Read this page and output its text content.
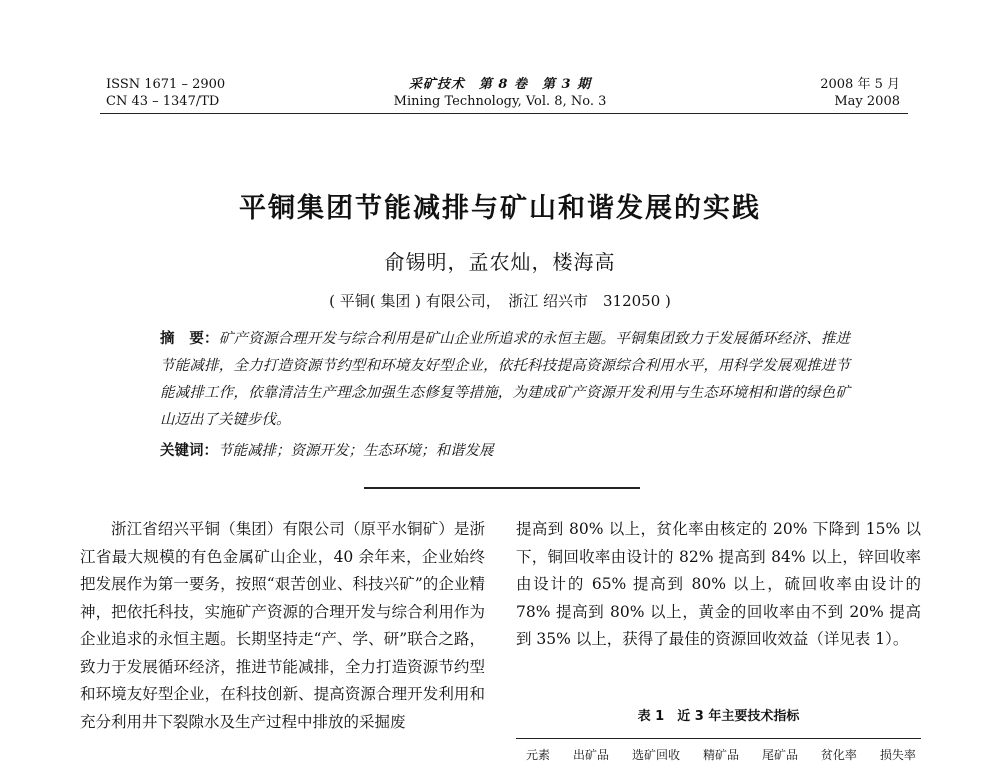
ISSN 1671 – 2900
CN 43 – 1347/TD
采矿技术　第 8 卷　第 3 期
Mining Technology, Vol. 8, No. 3
2008 年 5 月
May 2008
平铜集团节能减排与矿山和谐发展的实践
俞锡明，孟农灿，楼海高
( 平铜( 集团 ) 有限公司，　浙江 绍兴市　312050 )
摘　要：矿产资源合理开发与综合利用是矿山企业所追求的永恒主题。平铜集团致力于发展循环经济、推进节能减排，全力打造资源节约型和环境友好型企业，依托科技提高资源综合利用水平，用科学发展观推进节能减排工作，依靠清洁生产理念加强生态修复等措施，为建成矿产资源开发利用与生态环境相和谐的绿色矿山迈出了关键步伐。
关键词：节能减排；资源开发；生态环境；和谐发展

浙江省绍兴平铜（集团）有限公司（原平水铜矿）是浙江省最大规模的有色金属矿山企业，40 余年来，企业始终把发展作为第一要务，按照“艰苦创业、科技兴矿”的企业精神，把依托科技，实施矿产资源的合理开发与综合利用作为企业追求的永恒主题。长期坚持走“产、学、研”联合之路，致力于发展循环经济，推进节能减排，全力打造资源节约型和环境友好型企业，在科技创新、提高资源合理开发利用和充分利用井下裂隙水及生产过程中排放的采掘废

提高到 80% 以上，贫化率由核定的 20% 下降到 15% 以下，铜回收率由设计的 82% 提高到 84% 以上，锌回收率由设计的 65% 提高到 80% 以上，硫回收率由设计的 78% 提高到 80% 以上，黄金的回收率由不到 20% 提高到 35% 以上，获得了最佳的资源回收效益（详见表 1）。

表 1　近 3 年主要技术指标
元素 出矿品 选矿回收 精矿品 尾矿品 贫化率 损失率
